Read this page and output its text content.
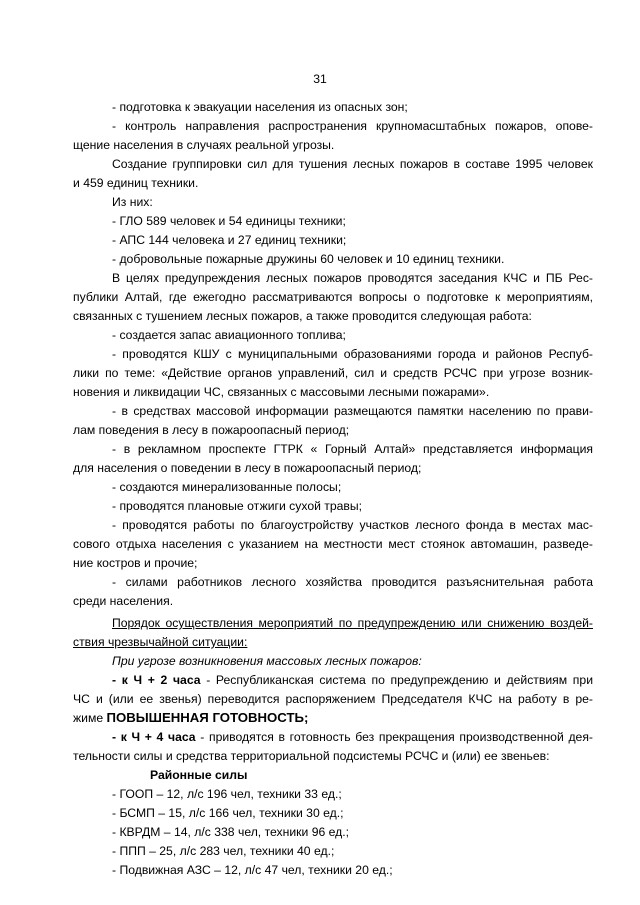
31
- подготовка к эвакуации населения из опасных зон;
- контроль направления распространения крупномасштабных пожаров, опове-
щение населения в случаях реальной угрозы.
Создание группировки сил для тушения лесных пожаров в составе 1995 человек
и 459 единиц техники.
Из них:
- ГЛО 589 человек и 54 единицы техники;
- АПС 144 человека и 27 единиц техники;
- добровольные пожарные дружины 60 человек и 10 единиц техники.
В целях предупреждения лесных пожаров проводятся заседания КЧС и ПБ Рес-
публики Алтай, где ежегодно рассматриваются вопросы о подготовке к мероприятиям,
связанных с тушением лесных пожаров, а также проводится следующая работа:
- создается запас авиационного топлива;
- проводятся КШУ с муниципальными образованиями города и районов Респуб-
лики по теме: «Действие органов управлений, сил и средств РСЧС при угрозе возник-
новения и ликвидации ЧС, связанных с массовыми лесными пожарами».
- в средствах массовой информации размещаются памятки населению по прави-
лам поведения в лесу в пожароопасный период;
- в рекламном проспекте ГТРК « Горный Алтай» представляется информация
для населения о поведении в лесу в пожароопасный период;
- создаются минерализованные полосы;
- проводятся плановые отжиги сухой травы;
- проводятся работы по благоустройству участков лесного фонда в местах мас-
сового отдыха населения с указанием на местности мест стоянок автомашин, разведе-
ние костров и прочие;
- силами работников лесного хозяйства проводится разъяснительная работа
среди населения.
Порядок осуществления мероприятий по предупреждению или снижению воздей-
ствия чрезвычайной ситуации:
При угрозе возникновения массовых лесных пожаров:
- к Ч + 2 часа - Республиканская система по предупреждению и действиям при
ЧС и (или ее звенья) переводится распоряжением Председателя КЧС на работу в ре-
жиме ПОВЫШЕННАЯ ГОТОВНОСТЬ;
- к Ч + 4 часа - приводятся в готовность без прекращения производственной дея-
тельности силы и средства территориальной подсистемы РСЧС и (или) ее звеньев:
Районные силы
- ГООП – 12, л/с 196 чел, техники 33 ед.;
- БСМП – 15, л/с 166 чел, техники 30 ед.;
- КВРДМ – 14, л/с 338 чел, техники 96 ед.;
- ППП – 25, л/с 283 чел, техники 40 ед.;
- Подвижная АЗС – 12, л/с 47 чел, техники 20 ед.;
